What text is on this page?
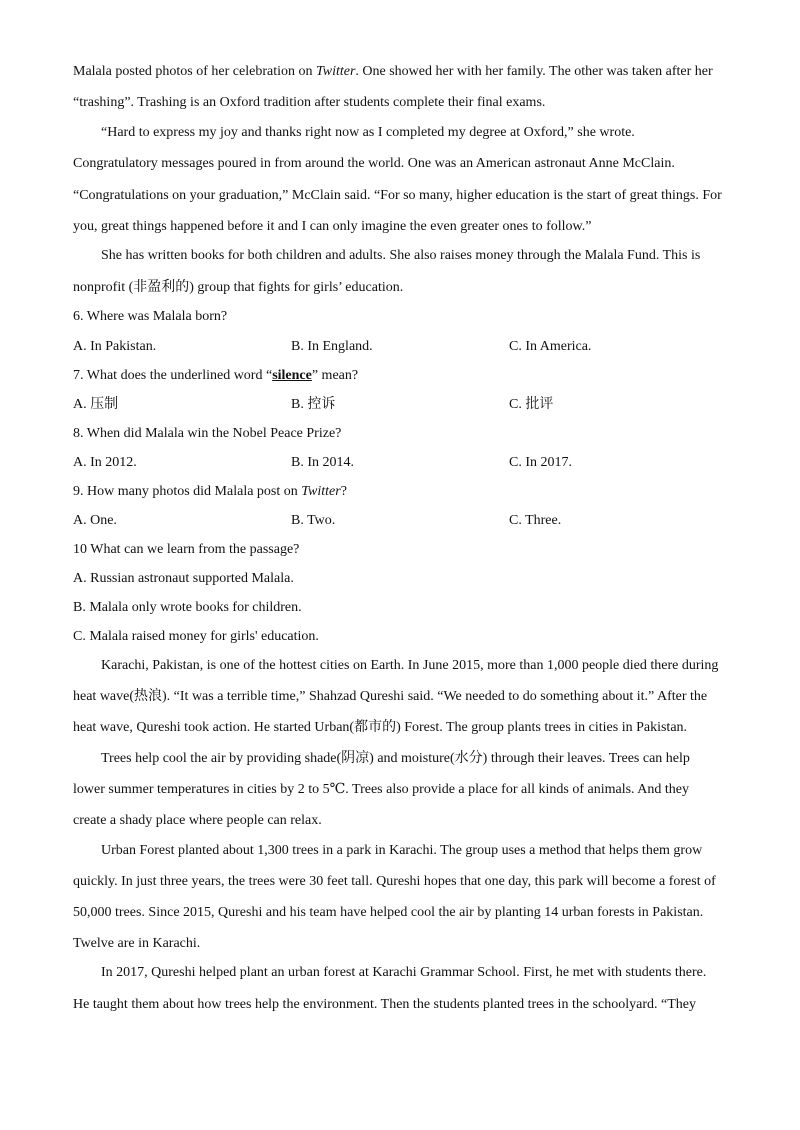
Malala posted photos of her celebration on Twitter. One showed her with her family. The other was taken after her
“trashing”. Trashing is an Oxford tradition after students complete their final exams.
“Hard to express my joy and thanks right now as I completed my degree at Oxford,” she wrote.
Congratulatory messages poured in from around the world. One was an American astronaut Anne McClain.
“Congratulations on your graduation,” McClain said. “For so many, higher education is the start of great things. For
you, great things happened before it and I can only imagine the even greater ones to follow.”
She has written books for both children and adults. She also raises money through the Malala Fund. This is
nonprofit (非盈利的) group that fights for girls’ education.
6. Where was Malala born?
A. In Pakistan.	B. In England.	C. In America.
7. What does the underlined word “silence” mean?
A. 压制	B. 控诉	C. 批评
8. When did Malala win the Nobel Peace Prize?
A. In 2012.	B. In 2014.	C. In 2017.
9. How many photos did Malala post on Twitter?
A. One.	B. Two.	C. Three.
10 What can we learn from the passage?
A. Russian astronaut supported Malala.
B. Malala only wrote books for children.
C. Malala raised money for girls' education.
Karachi, Pakistan, is one of the hottest cities on Earth. In June 2015, more than 1,000 people died there during
heat wave(热浪). “It was a terrible time,” Shahzad Qureshi said. “We needed to do something about it.” After the
heat wave, Qureshi took action. He started Urban(都市的) Forest. The group plants trees in cities in Pakistan.
Trees help cool the air by providing shade(阴凉) and moisture(水分) through their leaves. Trees can help
lower summer temperatures in cities by 2 to 5℃. Trees also provide a place for all kinds of animals. And they
create a shady place where people can relax.
Urban Forest planted about 1,300 trees in a park in Karachi. The group uses a method that helps them grow
quickly. In just three years, the trees were 30 feet tall. Qureshi hopes that one day, this park will become a forest of
50,000 trees. Since 2015, Qureshi and his team have helped cool the air by planting 14 urban forests in Pakistan.
Twelve are in Karachi.
In 2017, Qureshi helped plant an urban forest at Karachi Grammar School. First, he met with students there.
He taught them about how trees help the environment. Then the students planted trees in the schoolyard. “They
